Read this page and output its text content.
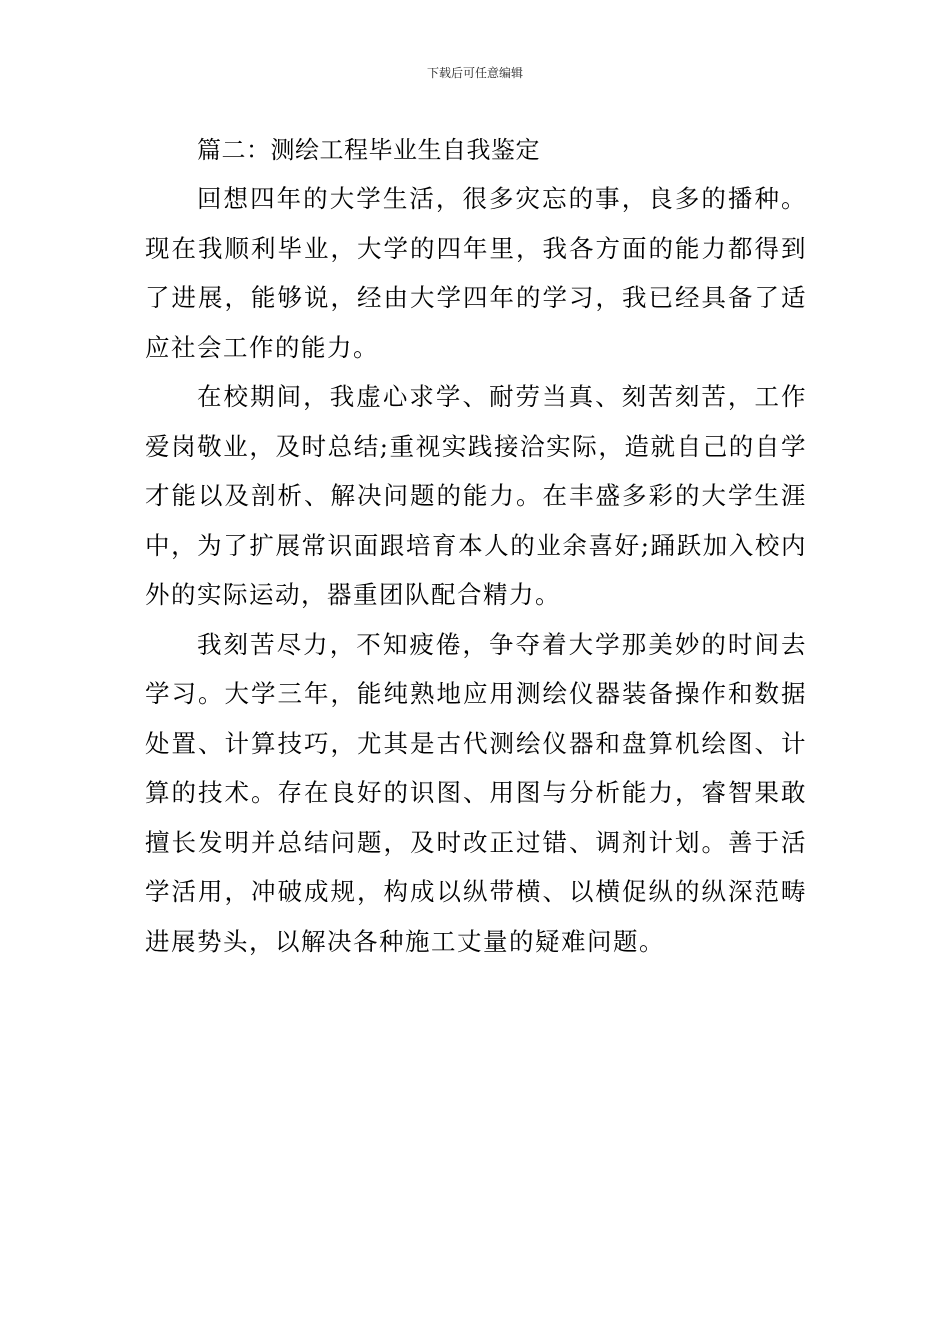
下载后可任意编辑
篇二：测绘工程毕业生自我鉴定

回想四年的大学生活，很多灾忘的事，良多的播种。现在我顺利毕业，大学的四年里，我各方面的能力都得到了进展，能够说，经由大学四年的学习，我已经具备了适应社会工作的能力。

在校期间，我虚心求学、耐劳当真、刻苦刻苦，工作爱岗敬业，及时总结;重视实践接洽实际，造就自己的自学才能以及剖析、解决问题的能力。在丰盛多彩的大学生涯中，为了扩展常识面跟培育本人的业余喜好;踊跃加入校内外的实际运动，器重团队配合精力。

我刻苦尽力，不知疲倦，争夺着大学那美妙的时间去学习。大学三年，能纯熟地应用测绘仪器装备操作和数据处置、计算技巧，尤其是古代测绘仪器和盘算机绘图、计算的技术。存在良好的识图、用图与分析能力，睿智果敢擅长发明并总结问题，及时改正过错、调剂计划。善于活学活用，冲破成规，构成以纵带横、以横促纵的纵深范畴进展势头，以解决各种施工丈量的疑难问题。
